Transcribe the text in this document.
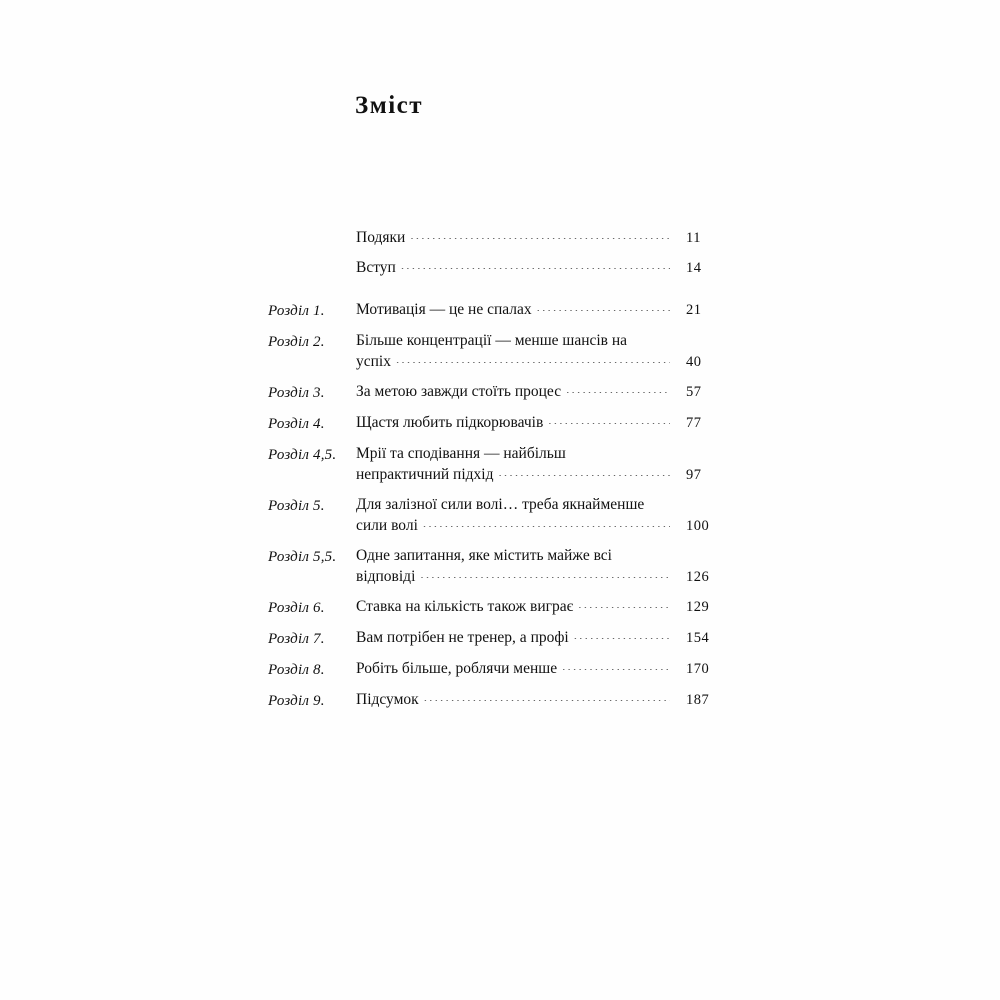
Зміст
Подяки .....	11
Вступ .....	14
Розділ 1.	Мотивація — це не спалах .....	21
Розділ 2.	Більше концентрації — менше шансів на
успіх .....	40
Розділ 3.	За метою завжди стоїть процес .....	57
Розділ 4.	Щастя любить підкорювачів .....	77
Розділ 4,5.	Мрії та сподівання — найбільш
непрактичний підхід .....	97
Розділ 5.	Для залізної сили волі… треба якнайменше
сили волі .....	100
Розділ 5,5.	Одне запитання, яке містить майже всі
відповіді .....	126
Розділ 6.	Ставка на кількість також виграє .....	129
Розділ 7.	Вам потрібен не тренер, а профі .....	154
Розділ 8.	Робіть більше, роблячи менше .....	170
Розділ 9.	Підсумок .....	187
